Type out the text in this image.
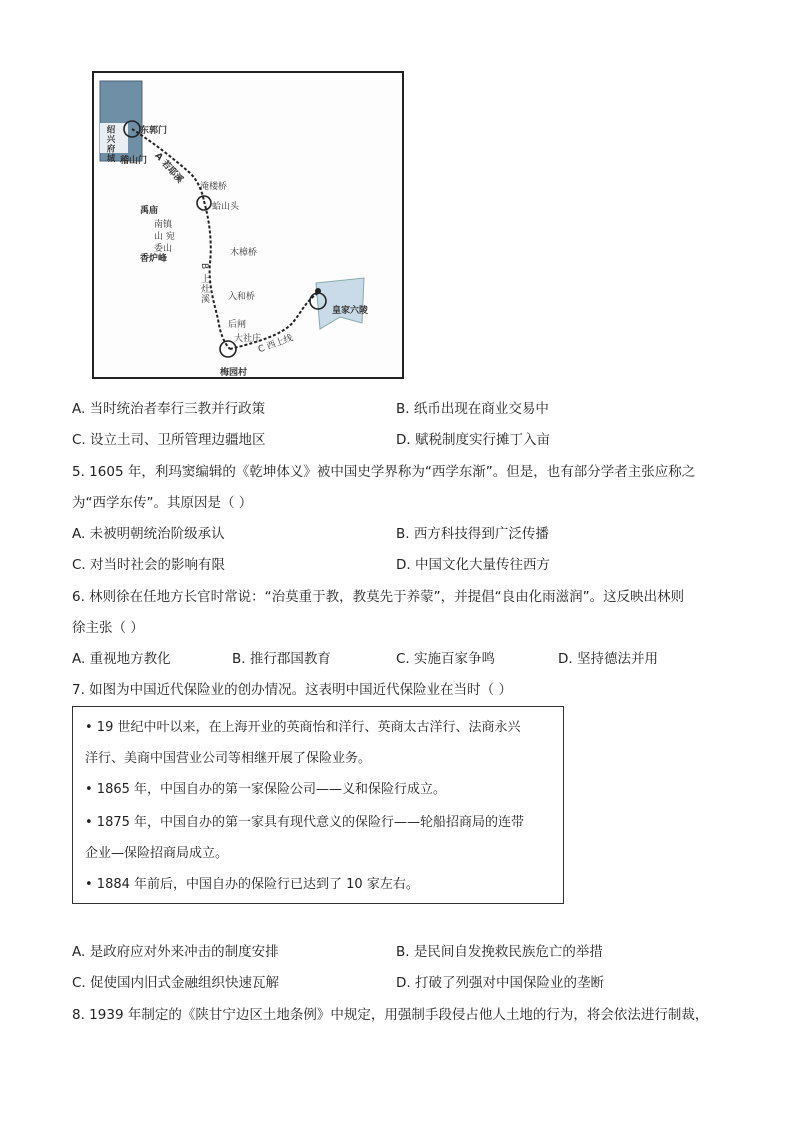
绍兴府城	东郭门
稽山门 A 若耶溪
淹楼桥
蛤山头
禹庙
南镇山 宛委山
香炉峰
B 上灶溪
木樟桥
入和桥
后闸
大社庄
C 西上线
梅园村
皇家六陵
A. 当时统治者奉行三教并行政策	B. 纸币出现在商业交易中
C. 设立土司、卫所管理边疆地区	D. 赋税制度实行摊丁入亩
5. 1605 年，利玛窦编辑的《乾坤体义》被中国史学界称为“西学东渐”。但是，也有部分学者主张应称之
为“西学东传”。其原因是（ ）
A. 未被明朝统治阶级承认	B. 西方科技得到广泛传播
C. 对当时社会的影响有限	D. 中国文化大量传往西方
6. 林则徐在任地方长官时常说：“治莫重于教，教莫先于养蒙”，并提倡“良由化雨滋润”。这反映出林则
徐主张（ ）
A. 重视地方教化	B. 推行郡国教育	C. 实施百家争鸣	D. 坚持德法并用
7. 如图为中国近代保险业的创办情况。这表明中国近代保险业在当时（ ）
• 19 世纪中叶以来，在上海开业的英商怡和洋行、英商太古洋行、法商永兴
洋行、美商中国营业公司等相继开展了保险业务。
• 1865 年，中国自办的第一家保险公司——义和保险行成立。
• 1875 年，中国自办的第一家具有现代意义的保险行——轮船招商局的连带
企业—保险招商局成立。
• 1884 年前后，中国自办的保险行已达到了 10 家左右。
A. 是政府应对外来冲击的制度安排	B. 是民间自发挽救民族危亡的举措
C. 促使国内旧式金融组织快速瓦解	D. 打破了列强对中国保险业的垄断
8. 1939 年制定的《陕甘宁边区土地条例》中规定，用强制手段侵占他人土地的行为，将会依法进行制裁，
